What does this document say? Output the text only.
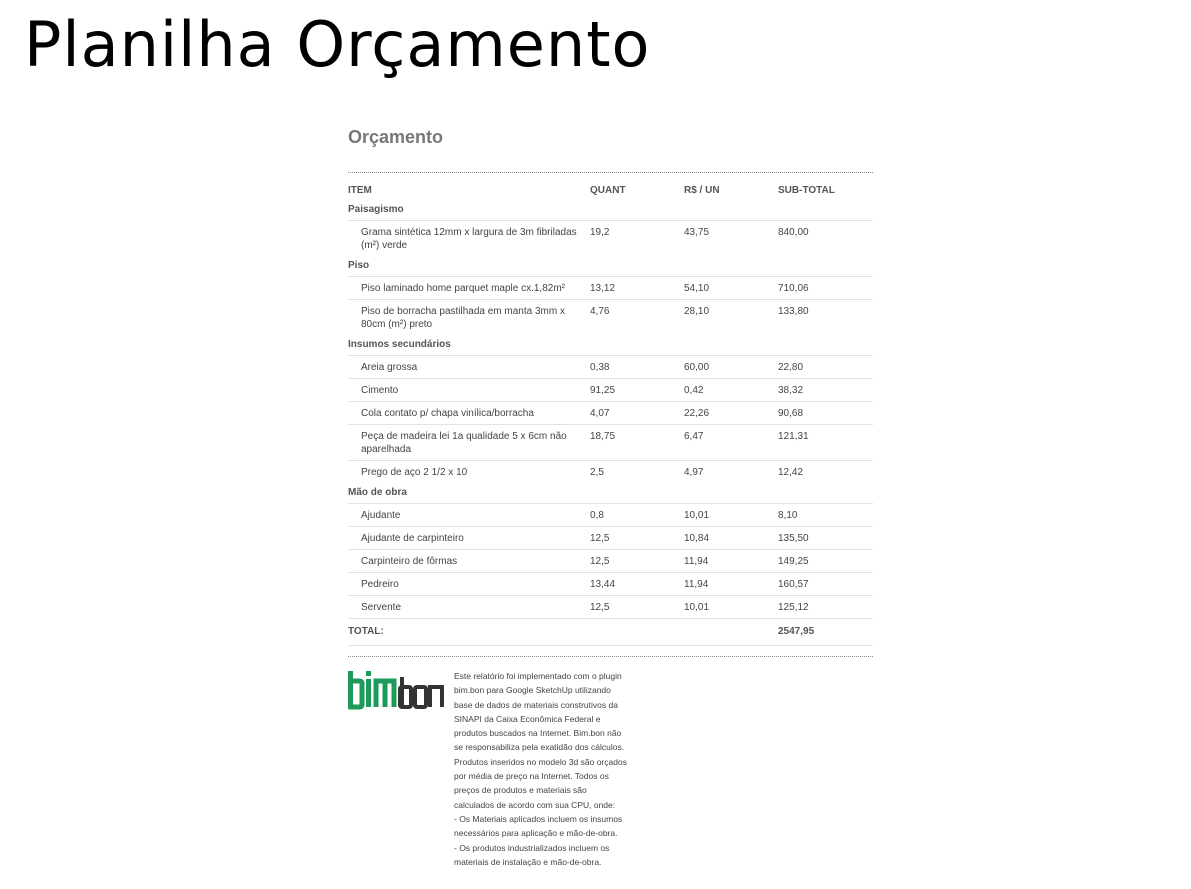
Planilha Orçamento
Orçamento
ITEM	QUANT	R$ / UN	SUB-TOTAL
Paisagismo			
Grama sintética 12mm x largura de 3m fibriladas (m²) verde	19,2	43,75	840,00
Piso			
Piso laminado home parquet maple cx.1,82m²	13,12	54,10	710,06
Piso de borracha pastilhada em manta 3mm x 80cm (m²) preto	4,76	28,10	133,80
Insumos secundários			
Areia grossa	0,38	60,00	22,80
Cimento	91,25	0,42	38,32
Cola contato p/ chapa vinílica/borracha	4,07	22,26	90,68
Peça de madeira lei 1a qualidade 5 x 6cm não aparelhada	18,75	6,47	121,31
Prego de aço 2 1/2 x 10	2,5	4,97	12,42
Mão de obra			
Ajudante	0,8	10,01	8,10
Ajudante de carpinteiro	12,5	10,84	135,50
Carpinteiro de fôrmas	12,5	11,94	149,25
Pedreiro	13,44	11,94	160,57
Servente	12,5	10,01	125,12
TOTAL:			2547,95

Este relatório foi implementado com o plugin

bim.bon para Google SketchUp utilizando

base de dados de materiais construtivos da

SINAPI da Caixa Econômica Federal e

produtos buscados na Internet. Bim.bon não

se responsabiliza pela exatidão dos cálculos.

Produtos inseridos no modelo 3d são orçados

por média de preço na Internet. Todos os

preços de produtos e materiais são

calculados de acordo com sua CPU, onde:

- Os Materiais aplicados incluem os insumos

necessários para aplicação e mão-de-obra.

- Os produtos industrializados incluem os

materiais de instalação e mão-de-obra.
